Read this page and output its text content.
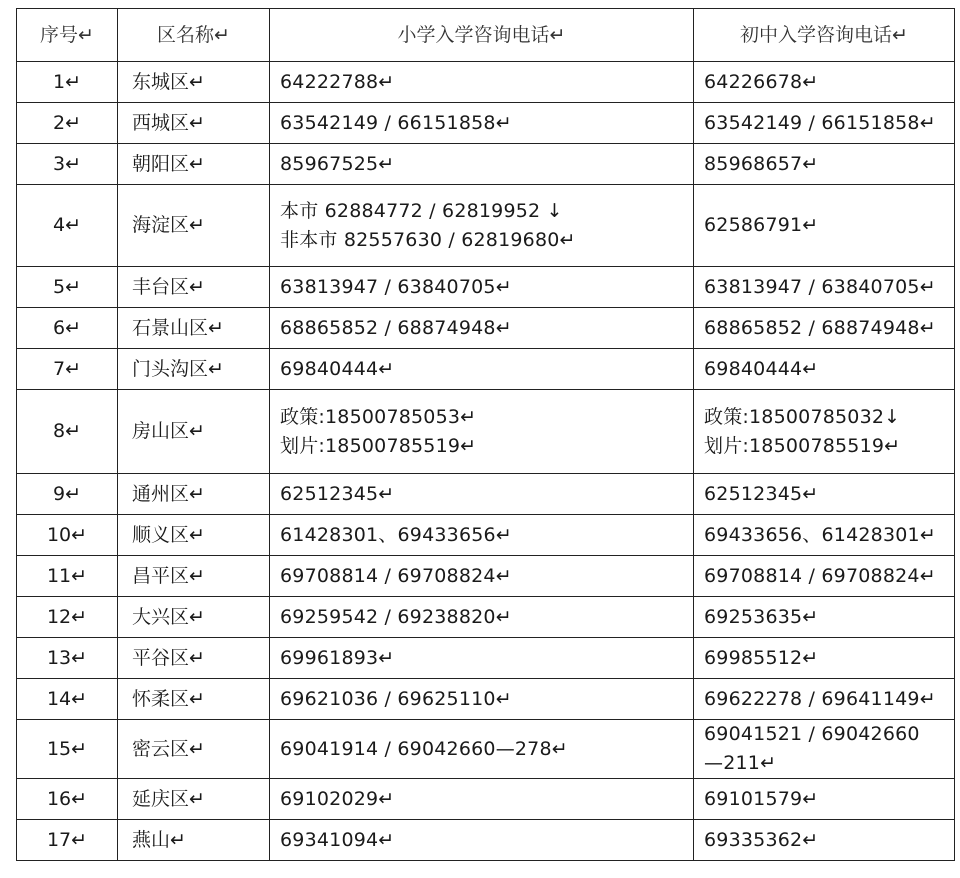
序号↵	区名称↵	小学入学咨询电话↵	初中入学咨询电话↵
1↵	东城区↵	64222788↵	64226678↵

2↵	西城区↵	63542149 / 66151858↵	63542149 / 66151858↵

3↵	朝阳区↵	85967525↵	85968657↵

4↵	海淀区↵	本市 62884772 / 62819952 ↓
非本市 82557630 / 62819680↵	62586791↵

5↵	丰台区↵	63813947 / 63840705↵	63813947 / 63840705↵

6↵	石景山区↵	68865852 / 68874948↵	68865852 / 68874948↵

7↵	门头沟区↵	69840444↵	69840444↵

8↵	房山区↵	政策:18500785053↵
划片:18500785519↵	政策:18500785032↓
划片:18500785519↵

9↵	通州区↵	62512345↵	62512345↵

10↵	顺义区↵	61428301、69433656↵	69433656、61428301↵

11↵	昌平区↵	69708814 / 69708824↵	69708814 / 69708824↵

12↵	大兴区↵	69259542 / 69238820↵	69253635↵

13↵	平谷区↵	69961893↵	69985512↵

14↵	怀柔区↵	69621036 / 69625110↵	69622278 / 69641149↵

15↵	密云区↵	69041914 / 69042660—278↵	69041521 / 69042660
—211↵

16↵	延庆区↵	69102029↵	69101579↵

17↵	燕山↵	69341094↵	69335362↵
